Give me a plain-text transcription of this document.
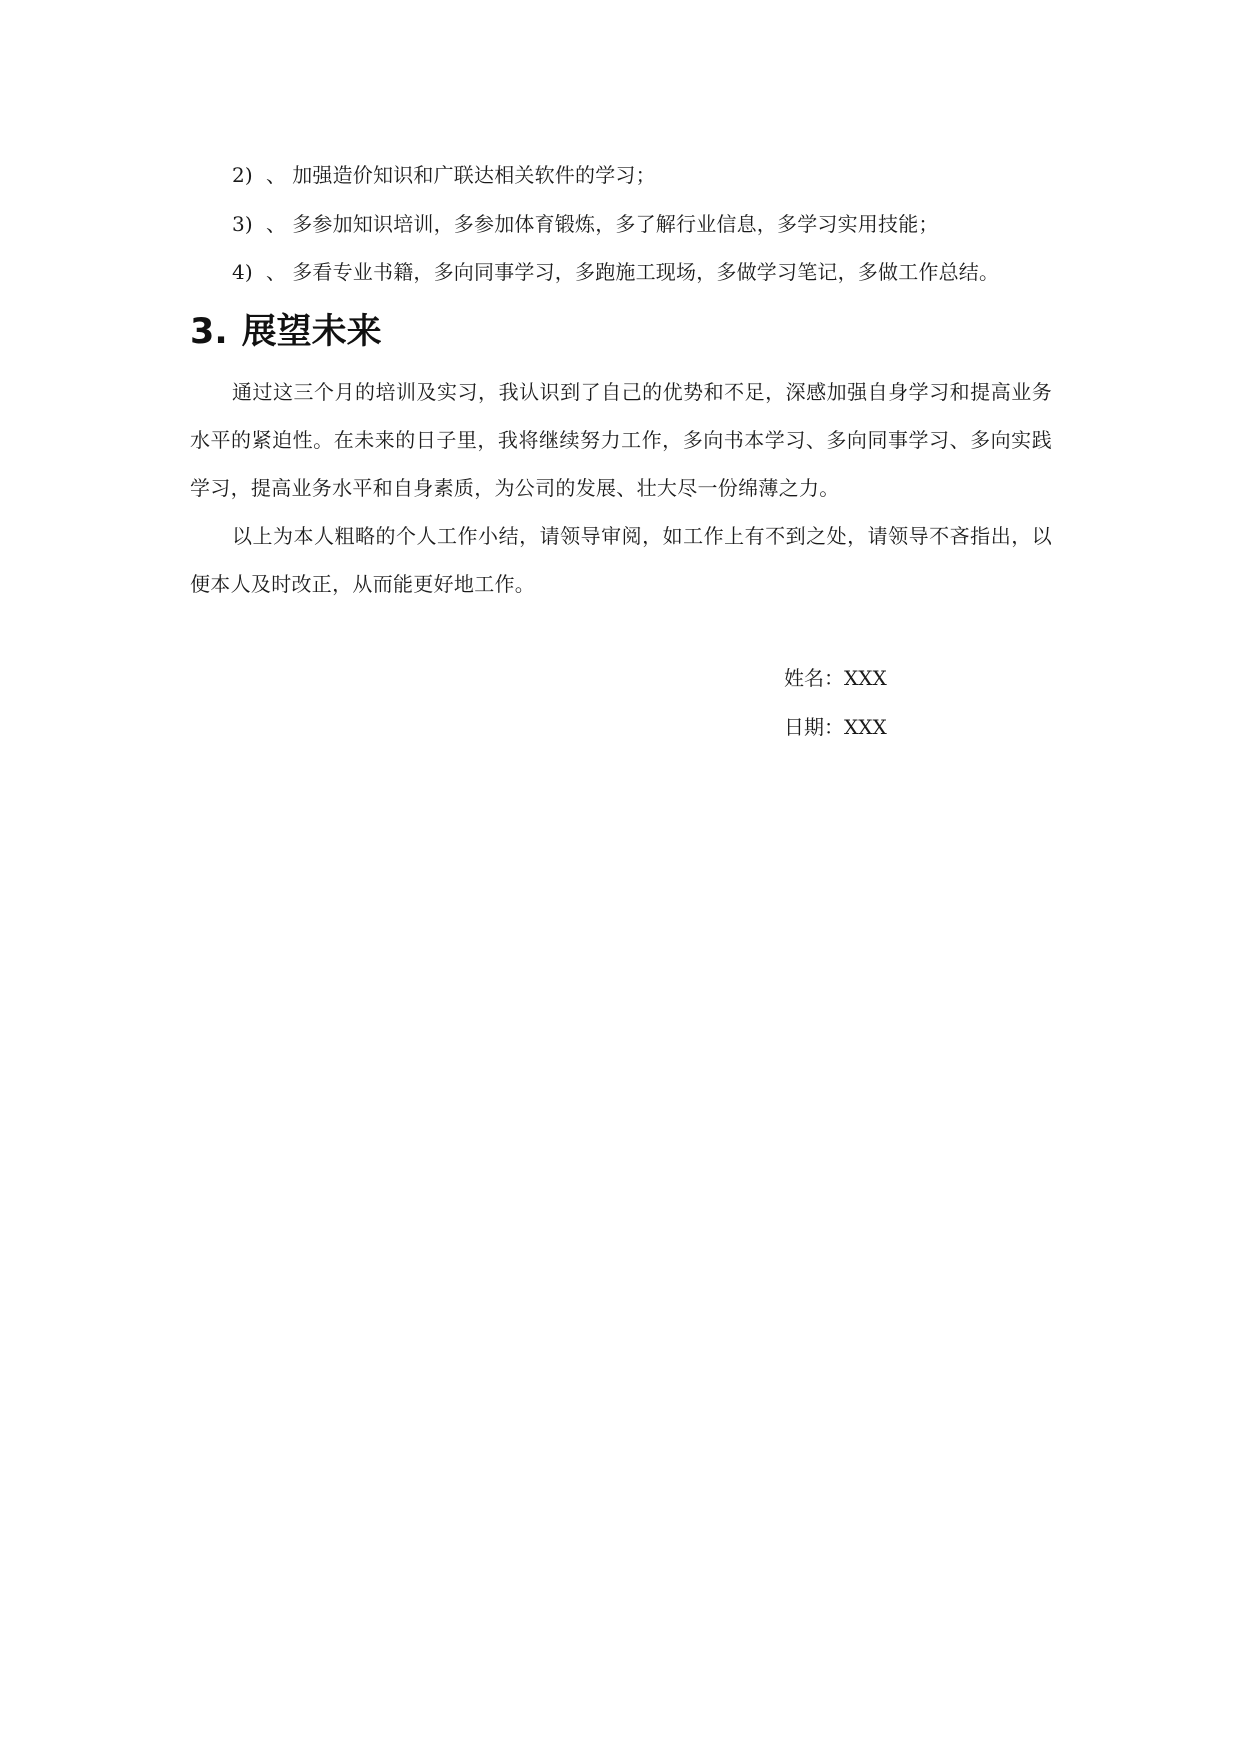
2) 、 加强造价知识和广联达相关软件的学习；
3) 、 多参加知识培训，多参加体育锻炼，多了解行业信息，多学习实用技能；
4) 、 多看专业书籍，多向同事学习，多跑施工现场，多做学习笔记，多做工作总结。
3. 展望未来
通过这三个月的培训及实习，我认识到了自己的优势和不足，深感加强自身学习和提高业务水平的紧迫性。在未来的日子里，我将继续努力工作，多向书本学习、多向同事学习、多向实践学习，提高业务水平和自身素质，为公司的发展、壮大尽一份绵薄之力。
以上为本人粗略的个人工作小结，请领导审阅，如工作上有不到之处，请领导不吝指出，以便本人及时改正，从而能更好地工作。
姓名：XXX
日期：XXX
